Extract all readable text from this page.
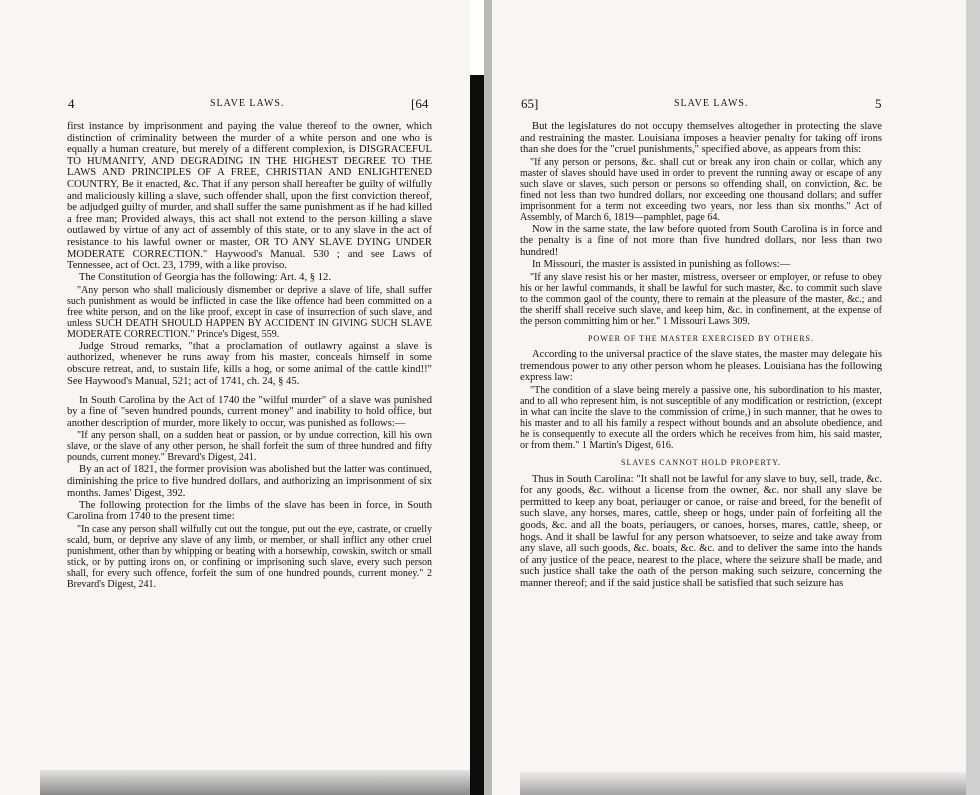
4	SLAVE LAWS.	[64

first instance by imprisonment and paying the value thereof to the owner, which distinction of criminality between the murder of a white person and one who is equally a human creature, but merely of a different complexion, is DISGRACEFUL TO HUMANITY, AND DEGRADING IN THE HIGHEST DEGREE TO THE LAWS AND PRINCIPLES OF A FREE, CHRISTIAN AND ENLIGHTENED COUNTRY, Be it enacted, &c. That if any person shall hereafter be guilty of wilfully and maliciously killing a slave, such offender shall, upon the first conviction thereof, be adjudged guilty of murder, and shall suffer the same punishment as if he had killed a free man; Provided always, this act shall not extend to the person killing a slave outlawed by virtue of any act of assembly of this state, or to any slave in the act of resistance to his lawful owner or master, OR TO ANY SLAVE DYING UNDER MODERATE CORRECTION." Haywood's Manual. 530 ; and see Laws of Tennessee, act of Oct. 23, 1799, with a like proviso.

The Constitution of Georgia has the following: Art. 4, § 12.

"Any person who shall maliciously dismember or deprive a slave of life, shall suffer such punishment as would be inflicted in case the like offence had been committed on a free white person, and on the like proof, except in case of insurrection of such slave, and unless SUCH DEATH SHOULD HAPPEN BY ACCIDENT IN GIVING SUCH SLAVE MODERATE CORRECTION." Prince's Digest, 559.

Judge Stroud remarks, "that a proclamation of outlawry against a slave is authorized, whenever he runs away from his master, conceals himself in some obscure retreat, and, to sustain life, kills a hog, or some animal of the cattle kind!!" See Haywood's Manual, 521; act of 1741, ch. 24, § 45.

In South Carolina by the Act of 1740 the "wilful murder" of a slave was punished by a fine of "seven hundred pounds, current money" and inability to hold office, but another description of murder, more likely to occur, was punished as follows:—

"If any person shall, on a sudden heat or passion, or by undue correction, kill his own slave, or the slave of any other person, he shall forfeit the sum of three hundred and fifty pounds, current money." Brevard's Digest, 241.

By an act of 1821, the former provision was abolished but the latter was continued, diminishing the price to five hundred dollars, and authorizing an imprisonment of six months. James' Digest, 392.

The following protection for the limbs of the slave has been in force, in South Carolina from 1740 to the present time:

"In case any person shall wilfully cut out the tongue, put out the eye, castrate, or cruelly scald, burn, or deprive any slave of any limb, or member, or shall inflict any other cruel punishment, other than by whipping or beating with a horsewhip, cowskin, switch or small stick, or by putting irons on, or confining or imprisoning such slave, every such person shall, for every such offence, forfeit the sum of one hundred pounds, current money." 2 Brevard's Digest, 241.

65]	SLAVE LAWS.	5

But the legislatures do not occupy themselves altogether in protecting the slave and restraining the master. Louisiana imposes a heavier penalty for taking off irons than she does for the "cruel punishments," specified above, as appears from this:

"If any person or persons, &c. shall cut or break any iron chain or collar, which any master of slaves should have used in order to prevent the running away or escape of any such slave or slaves, such person or persons so offending shall, on conviction, &c. be fined not less than two hundred dollars, nor exceeding one thousand dollars; and suffer imprisonment for a term not exceeding two years, nor less than six months." Act of Assembly, of March 6, 1819—pamphlet, page 64.

Now in the same state, the law before quoted from South Carolina is in force and the penalty is a fine of not more than five hundred dollars, nor less than two hundred!

In Missouri, the master is assisted in punishing as follows:—

"If any slave resist his or her master, mistress, overseer or employer, or refuse to obey his or her lawful commands, it shall be lawful for such master, &c. to commit such slave to the common gaol of the county, there to remain at the pleasure of the master, &c.; and the sheriff shall receive such slave, and keep him, &c. in confinement, at the expense of the person committing him or her." 1 Missouri Laws 309.

POWER OF THE MASTER EXERCISED BY OTHERS.

According to the universal practice of the slave states, the master may delegate his tremendous power to any other person whom he pleases. Louisiana has the following express law:

"The condition of a slave being merely a passive one, his subordination to his master, and to all who represent him, is not susceptible of any modification or restriction, (except in what can incite the slave to the commission of crime,) in such manner, that he owes to his master and to all his family a respect without bounds and an absolute obedience, and he is consequently to execute all the orders which he receives from him, his said master, or from them." 1 Martin's Digest, 616.

SLAVES CANNOT HOLD PROPERTY.

Thus in South Carolina: "It shall not be lawful for any slave to buy, sell, trade, &c. for any goods, &c. without a license from the owner, &c. nor shall any slave be permitted to keep any boat, periauger or canoe, or raise and breed, for the benefit of such slave, any horses, mares, cattle, sheep or hogs, under pain of forfeiting all the goods, &c. and all the boats, periaugers, or canoes, horses, mares, cattle, sheep, or hogs. And it shall be lawful for any person whatsoever, to seize and take away from any slave, all such goods, &c. boats, &c. &c. and to deliver the same into the hands of any justice of the peace, nearest to the place, where the seizure shall be made, and such justice shall take the oath of the person making such seizure, concerning the manner thereof; and if the said justice shall be satisfied that such seizure has
